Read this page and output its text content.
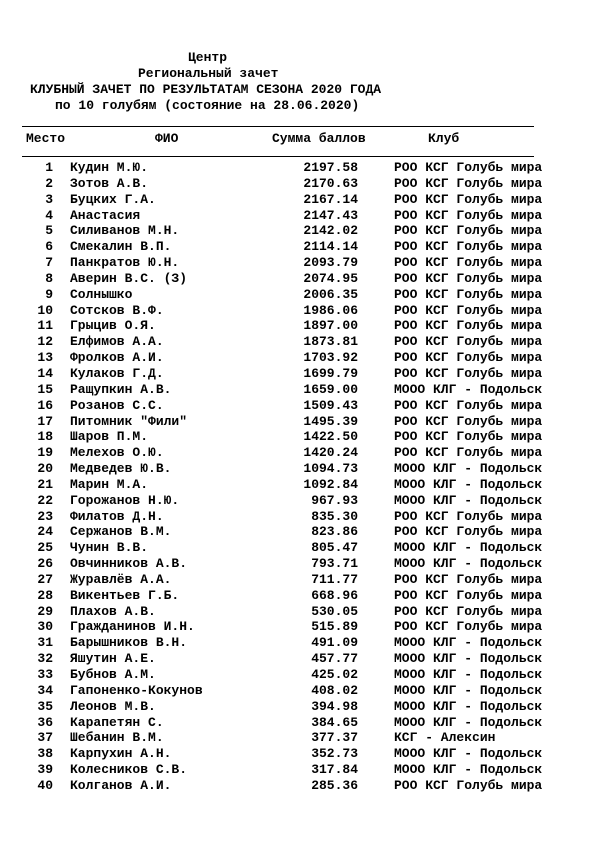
Центр
Региональный зачет
КЛУБНЫЙ ЗАЧЕТ ПО РЕЗУЛЬТАТАМ СЕЗОНА 2020 ГОДА
по 10 голубям (состояние на 28.06.2020)
Место	ФИО	Сумма баллов	Клуб
1 Кудин М.Ю.	2197.58	РОО КСГ Голубь мира
2 Зотов А.В.	2170.63	РОО КСГ Голубь мира
3 Буцких Г.А.	2167.14	РОО КСГ Голубь мира
4 Анастасия	2147.43	РОО КСГ Голубь мира
5 Силиванов М.Н.	2142.02	РОО КСГ Голубь мира
6 Смекалин В.П.	2114.14	РОО КСГ Голубь мира
7 Панкратов Ю.Н.	2093.79	РОО КСГ Голубь мира
8 Аверин В.С. (З)	2074.95	РОО КСГ Голубь мира
9 Солнышко	2006.35	РОО КСГ Голубь мира
10 Сотсков В.Ф.	1986.06	РОО КСГ Голубь мира
11 Грыцив О.Я.	1897.00	РОО КСГ Голубь мира
12 Елфимов А.А.	1873.81	РОО КСГ Голубь мира
13 Фролков А.И.	1703.92	РОО КСГ Голубь мира
14 Кулаков Г.Д.	1699.79	РОО КСГ Голубь мира
15 Ращупкин А.В.	1659.00	МООО КЛГ - Подольск
16 Розанов С.С.	1509.43	РОО КСГ Голубь мира
17 Питомник "Фили"	1495.39	РОО КСГ Голубь мира
18 Шаров П.М.	1422.50	РОО КСГ Голубь мира
19 Мелехов О.Ю.	1420.24	РОО КСГ Голубь мира
20 Медведев Ю.В.	1094.73	МООО КЛГ - Подольск
21 Марин М.А.	1092.84	МООО КЛГ - Подольск
22 Горожанов Н.Ю.	967.93	МООО КЛГ - Подольск
23 Филатов Д.Н.	835.30	РОО КСГ Голубь мира
24 Сержанов В.М.	823.86	РОО КСГ Голубь мира
25 Чунин В.В.	805.47	МООО КЛГ - Подольск
26 Овчинников А.В.	793.71	МООО КЛГ - Подольск
27 Журавлёв А.А.	711.77	РОО КСГ Голубь мира
28 Викентьев Г.Б.	668.96	РОО КСГ Голубь мира
29 Плахов А.В.	530.05	РОО КСГ Голубь мира
30 Гражданинов И.Н.	515.89	РОО КСГ Голубь мира
31 Барышников В.Н.	491.09	МООО КЛГ - Подольск
32 Яшутин А.Е.	457.77	МООО КЛГ - Подольск
33 Бубнов А.М.	425.02	МООО КЛГ - Подольск
34 Гапоненко-Кокунов	408.02	МООО КЛГ - Подольск
35 Леонов М.В.	394.98	МООО КЛГ - Подольск
36 Карапетян С.	384.65	МООО КЛГ - Подольск
37 Шебанин В.М.	377.37	КСГ - Алексин
38 Карпухин А.Н.	352.73	МООО КЛГ - Подольск
39 Колесников С.В.	317.84	МООО КЛГ - Подольск
40 Колганов А.И.	285.36	РОО КСГ Голубь мира
